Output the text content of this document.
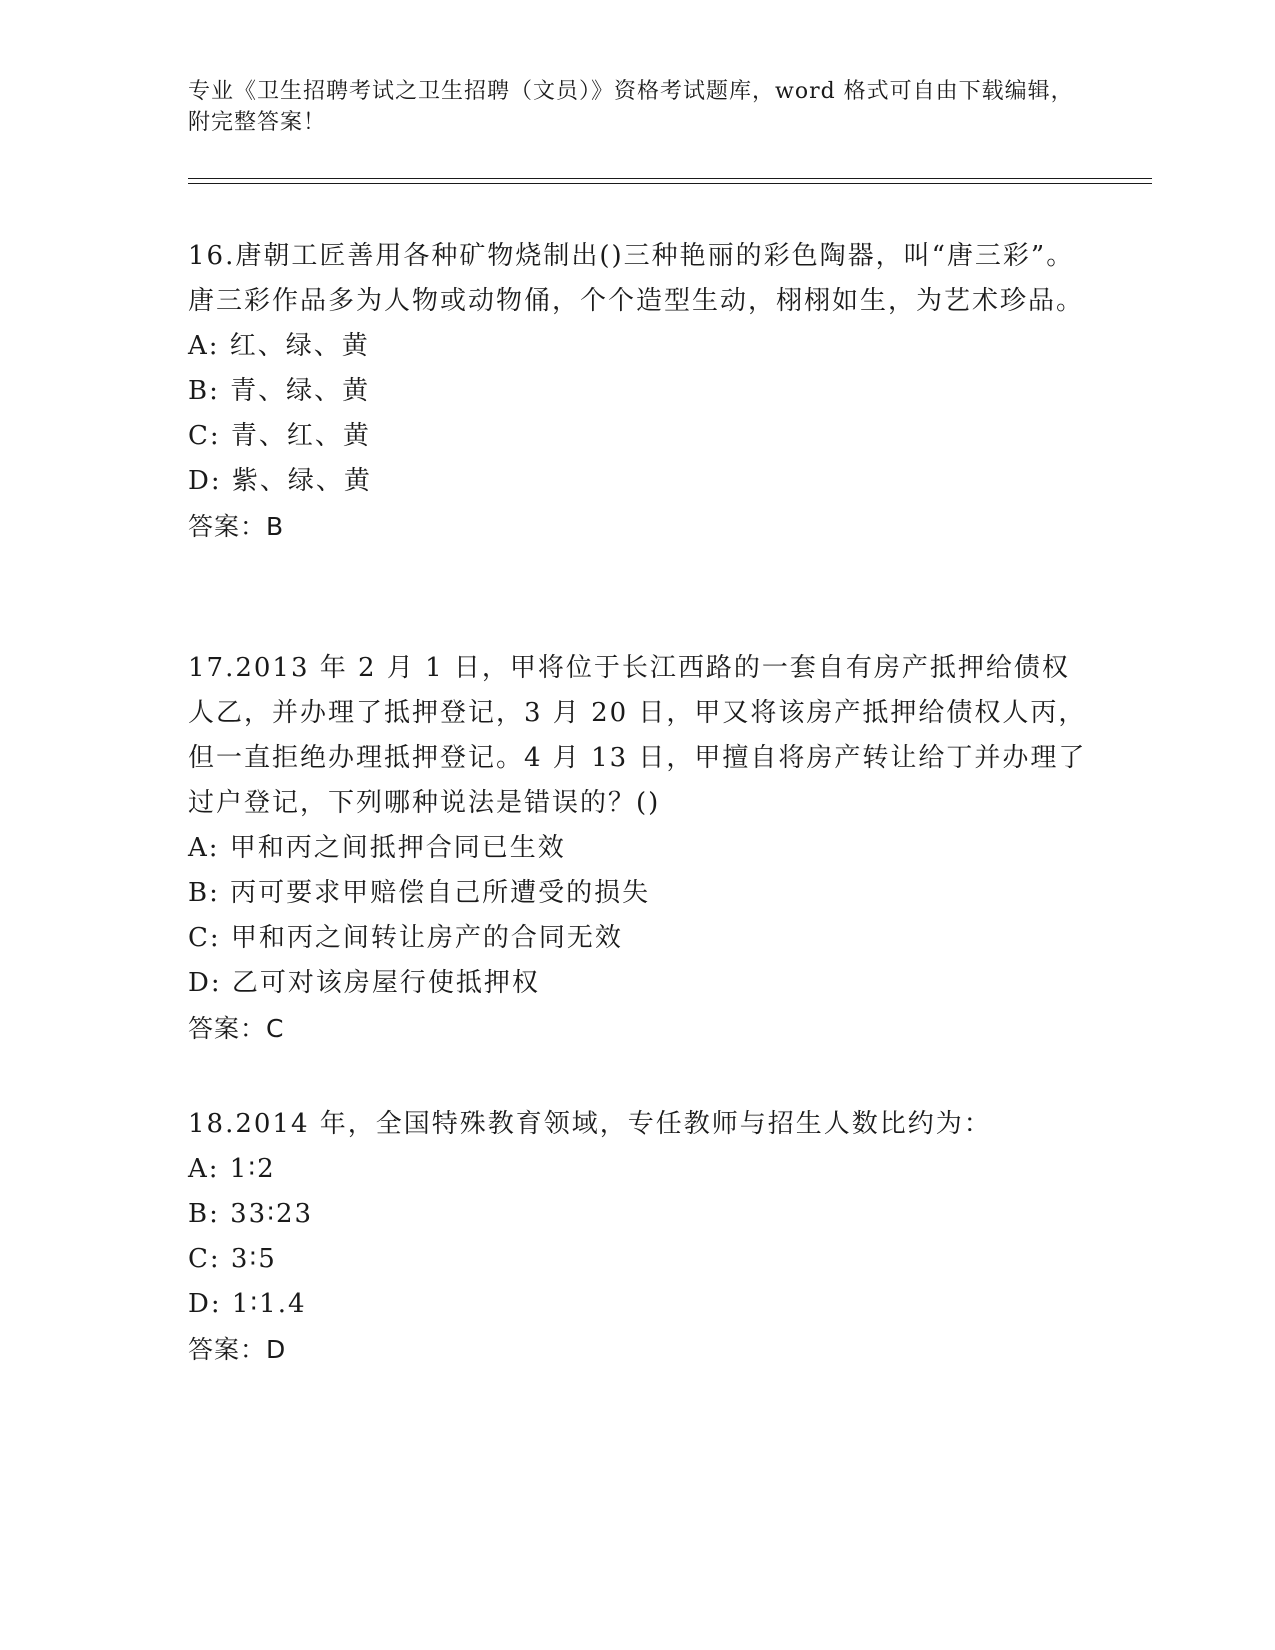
专业《卫生招聘考试之卫生招聘（文员）》资格考试题库，word 格式可自由下载编辑，附完整答案！

16.唐朝工匠善用各种矿物烧制出()三种艳丽的彩色陶器，叫“唐三彩”。唐三彩作品多为人物或动物俑，个个造型生动，栩栩如生，为艺术珍品。

A: 红、绿、黄

B: 青、绿、黄

C: 青、红、黄

D: 紫、绿、黄

答案：B

17.2013 年 2 月 1 日，甲将位于长江西路的一套自有房产抵押给债权人乙，并办理了抵押登记，3 月 20 日，甲又将该房产抵押给债权人丙，但一直拒绝办理抵押登记。4 月 13 日，甲擅自将房产转让给丁并办理了过户登记，下列哪种说法是错误的？()

A: 甲和丙之间抵押合同已生效

B: 丙可要求甲赔偿自己所遭受的损失

C: 甲和丙之间转让房产的合同无效

D: 乙可对该房屋行使抵押权

答案：C

18.2014 年，全国特殊教育领域，专任教师与招生人数比约为：

A: 1∶2

B: 33∶23

C: 3∶5

D: 1∶1.4

答案：D
